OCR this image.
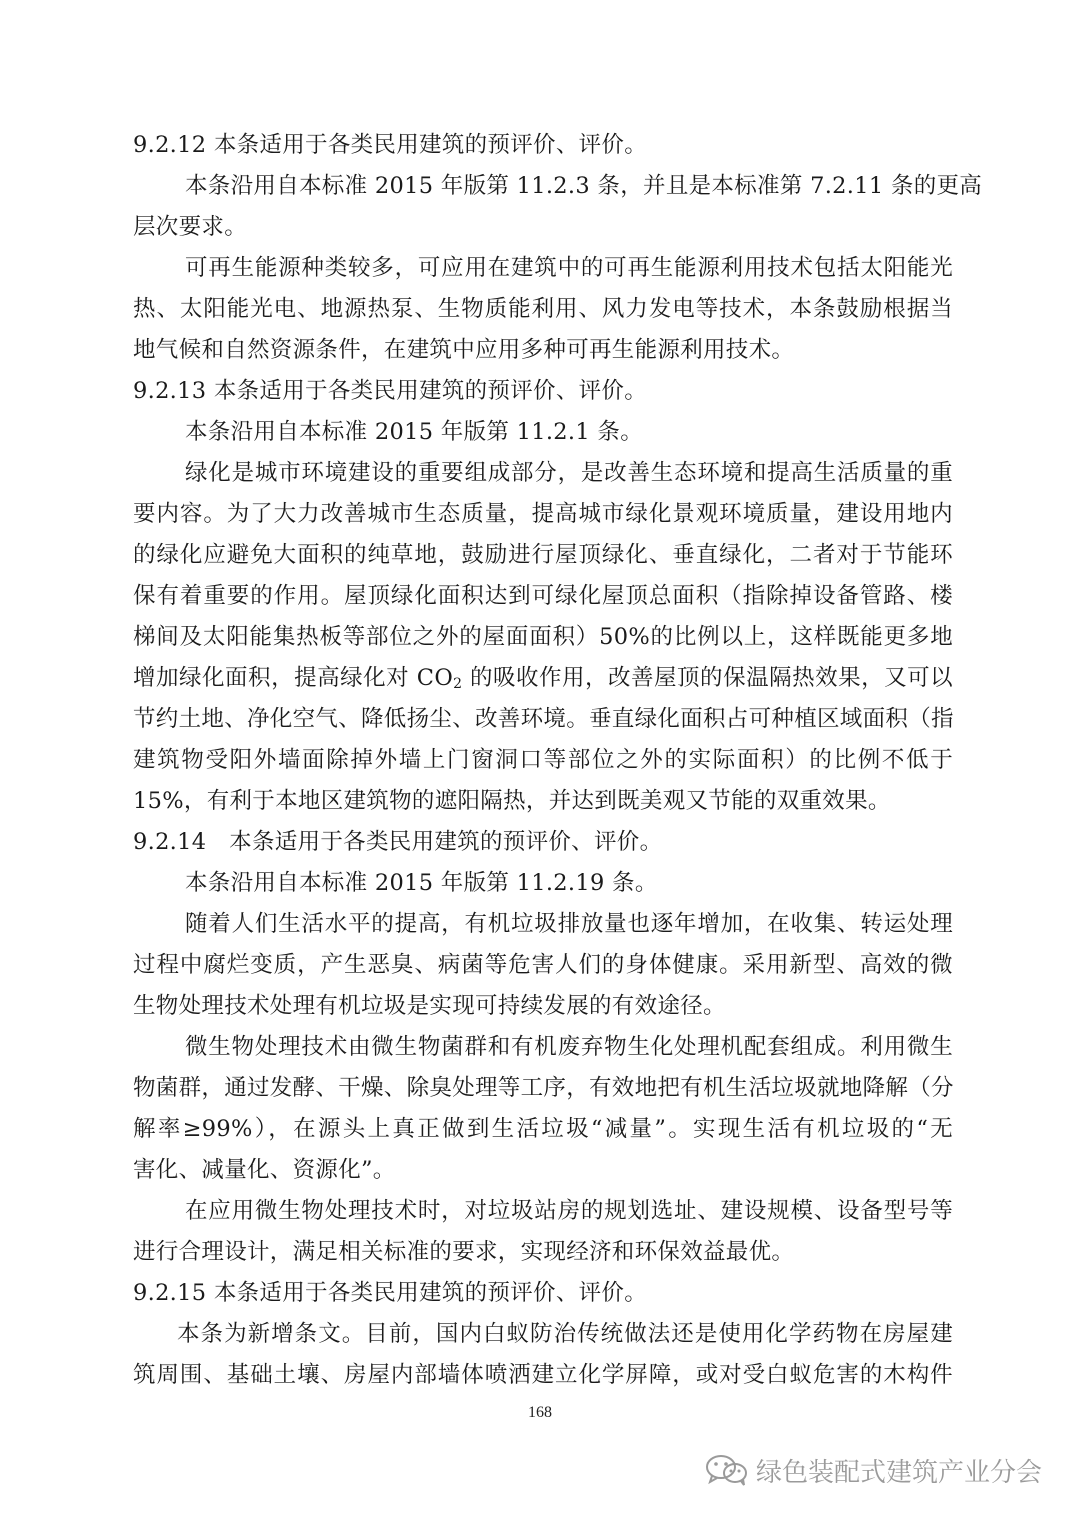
9.2.12 本条适用于各类民用建筑的预评价、评价。
本条沿用自本标准 2015 年版第 11.2.3 条，并且是本标准第 7.2.11 条的更高
层次要求。
可再生能源种类较多，可应用在建筑中的可再生能源利用技术包括太阳能光
热、太阳能光电、地源热泵、生物质能利用、风力发电等技术，本条鼓励根据当
地气候和自然资源条件，在建筑中应用多种可再生能源利用技术。
9.2.13 本条适用于各类民用建筑的预评价、评价。
本条沿用自本标准 2015 年版第 11.2.1 条。
绿化是城市环境建设的重要组成部分，是改善生态环境和提高生活质量的重
要内容。为了大力改善城市生态质量，提高城市绿化景观环境质量，建设用地内
的绿化应避免大面积的纯草地，鼓励进行屋顶绿化、垂直绿化，二者对于节能环
保有着重要的作用。屋顶绿化面积达到可绿化屋顶总面积（指除掉设备管路、楼
梯间及太阳能集热板等部位之外的屋面面积）50%的比例以上，这样既能更多地
增加绿化面积，提高绿化对 $CO_2$ 的吸收作用，改善屋顶的保温隔热效果，又可以
节约土地、净化空气、降低扬尘、改善环境。垂直绿化面积占可种植区域面积（指
建筑物受阳外墙面除掉外墙上门窗洞口等部位之外的实际面积）的比例不低于
15%，有利于本地区建筑物的遮阳隔热，并达到既美观又节能的双重效果。
9.2.14　本条适用于各类民用建筑的预评价、评价。
本条沿用自本标准 2015 年版第 11.2.19 条。
随着人们生活水平的提高，有机垃圾排放量也逐年增加，在收集、转运处理
过程中腐烂变质，产生恶臭、病菌等危害人们的身体健康。采用新型、高效的微
生物处理技术处理有机垃圾是实现可持续发展的有效途径。
微生物处理技术由微生物菌群和有机废弃物生化处理机配套组成。利用微生
物菌群，通过发酵、干燥、除臭处理等工序，有效地把有机生活垃圾就地降解（分
解率≥99%），在源头上真正做到生活垃圾“减量”。实现生活有机垃圾的“无
害化、减量化、资源化”。
在应用微生物处理技术时，对垃圾站房的规划选址、建设规模、设备型号等
进行合理设计，满足相关标准的要求，实现经济和环保效益最优。
9.2.15 本条适用于各类民用建筑的预评价、评价。
本条为新增条文。目前，国内白蚁防治传统做法还是使用化学药物在房屋建
筑周围、基础土壤、房屋内部墙体喷洒建立化学屏障，或对受白蚁危害的木构件
168
绿色装配式建筑产业分会
